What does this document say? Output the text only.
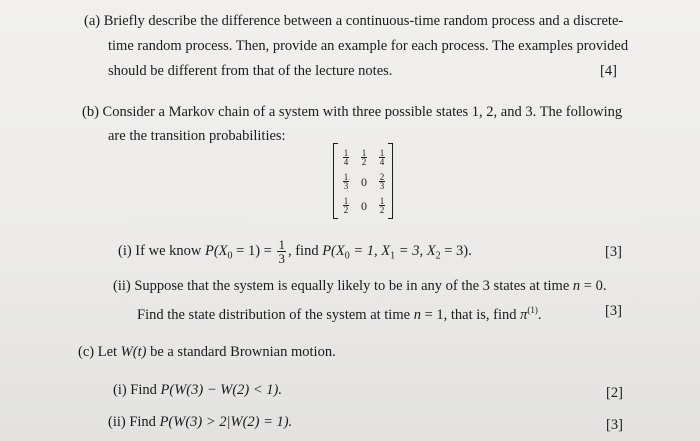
(a) Briefly describe the difference between a continuous-time random process and a discrete-
time random process. Then, provide an example for each process. The examples provided
should be different from that of the lecture notes.	[4]
(b) Consider a Markov chain of a system with three possible states 1, 2, and 3. The following
are the transition probabilities:
$\frac{1}{4} \frac{1}{2} \frac{1}{4}$
$\frac{1}{3} 0$	$\frac{2}{3}$
$\frac{1}{2} 0$	$\frac{1}{2}$
(i) If we know $P(X_0 = 1) = \frac{1}{3}$ , find $P(X_0 = 1$, $X_1 = 3$, $X_2 = 3$).	[3]
(ii) Suppose that the system is equally likely to be in any of the 3 states at time n = 0.
Find the state distribution of the system at time n = 1, that is, find $\pi^{(1)}$.	[3]
(c) Let W(t) be a standard Brownian motion.
(i) Find P(W(3) − W(2) < 1).	[2]
(ii) Find P(W(3) > 2|W(2) = 1).	[3]
